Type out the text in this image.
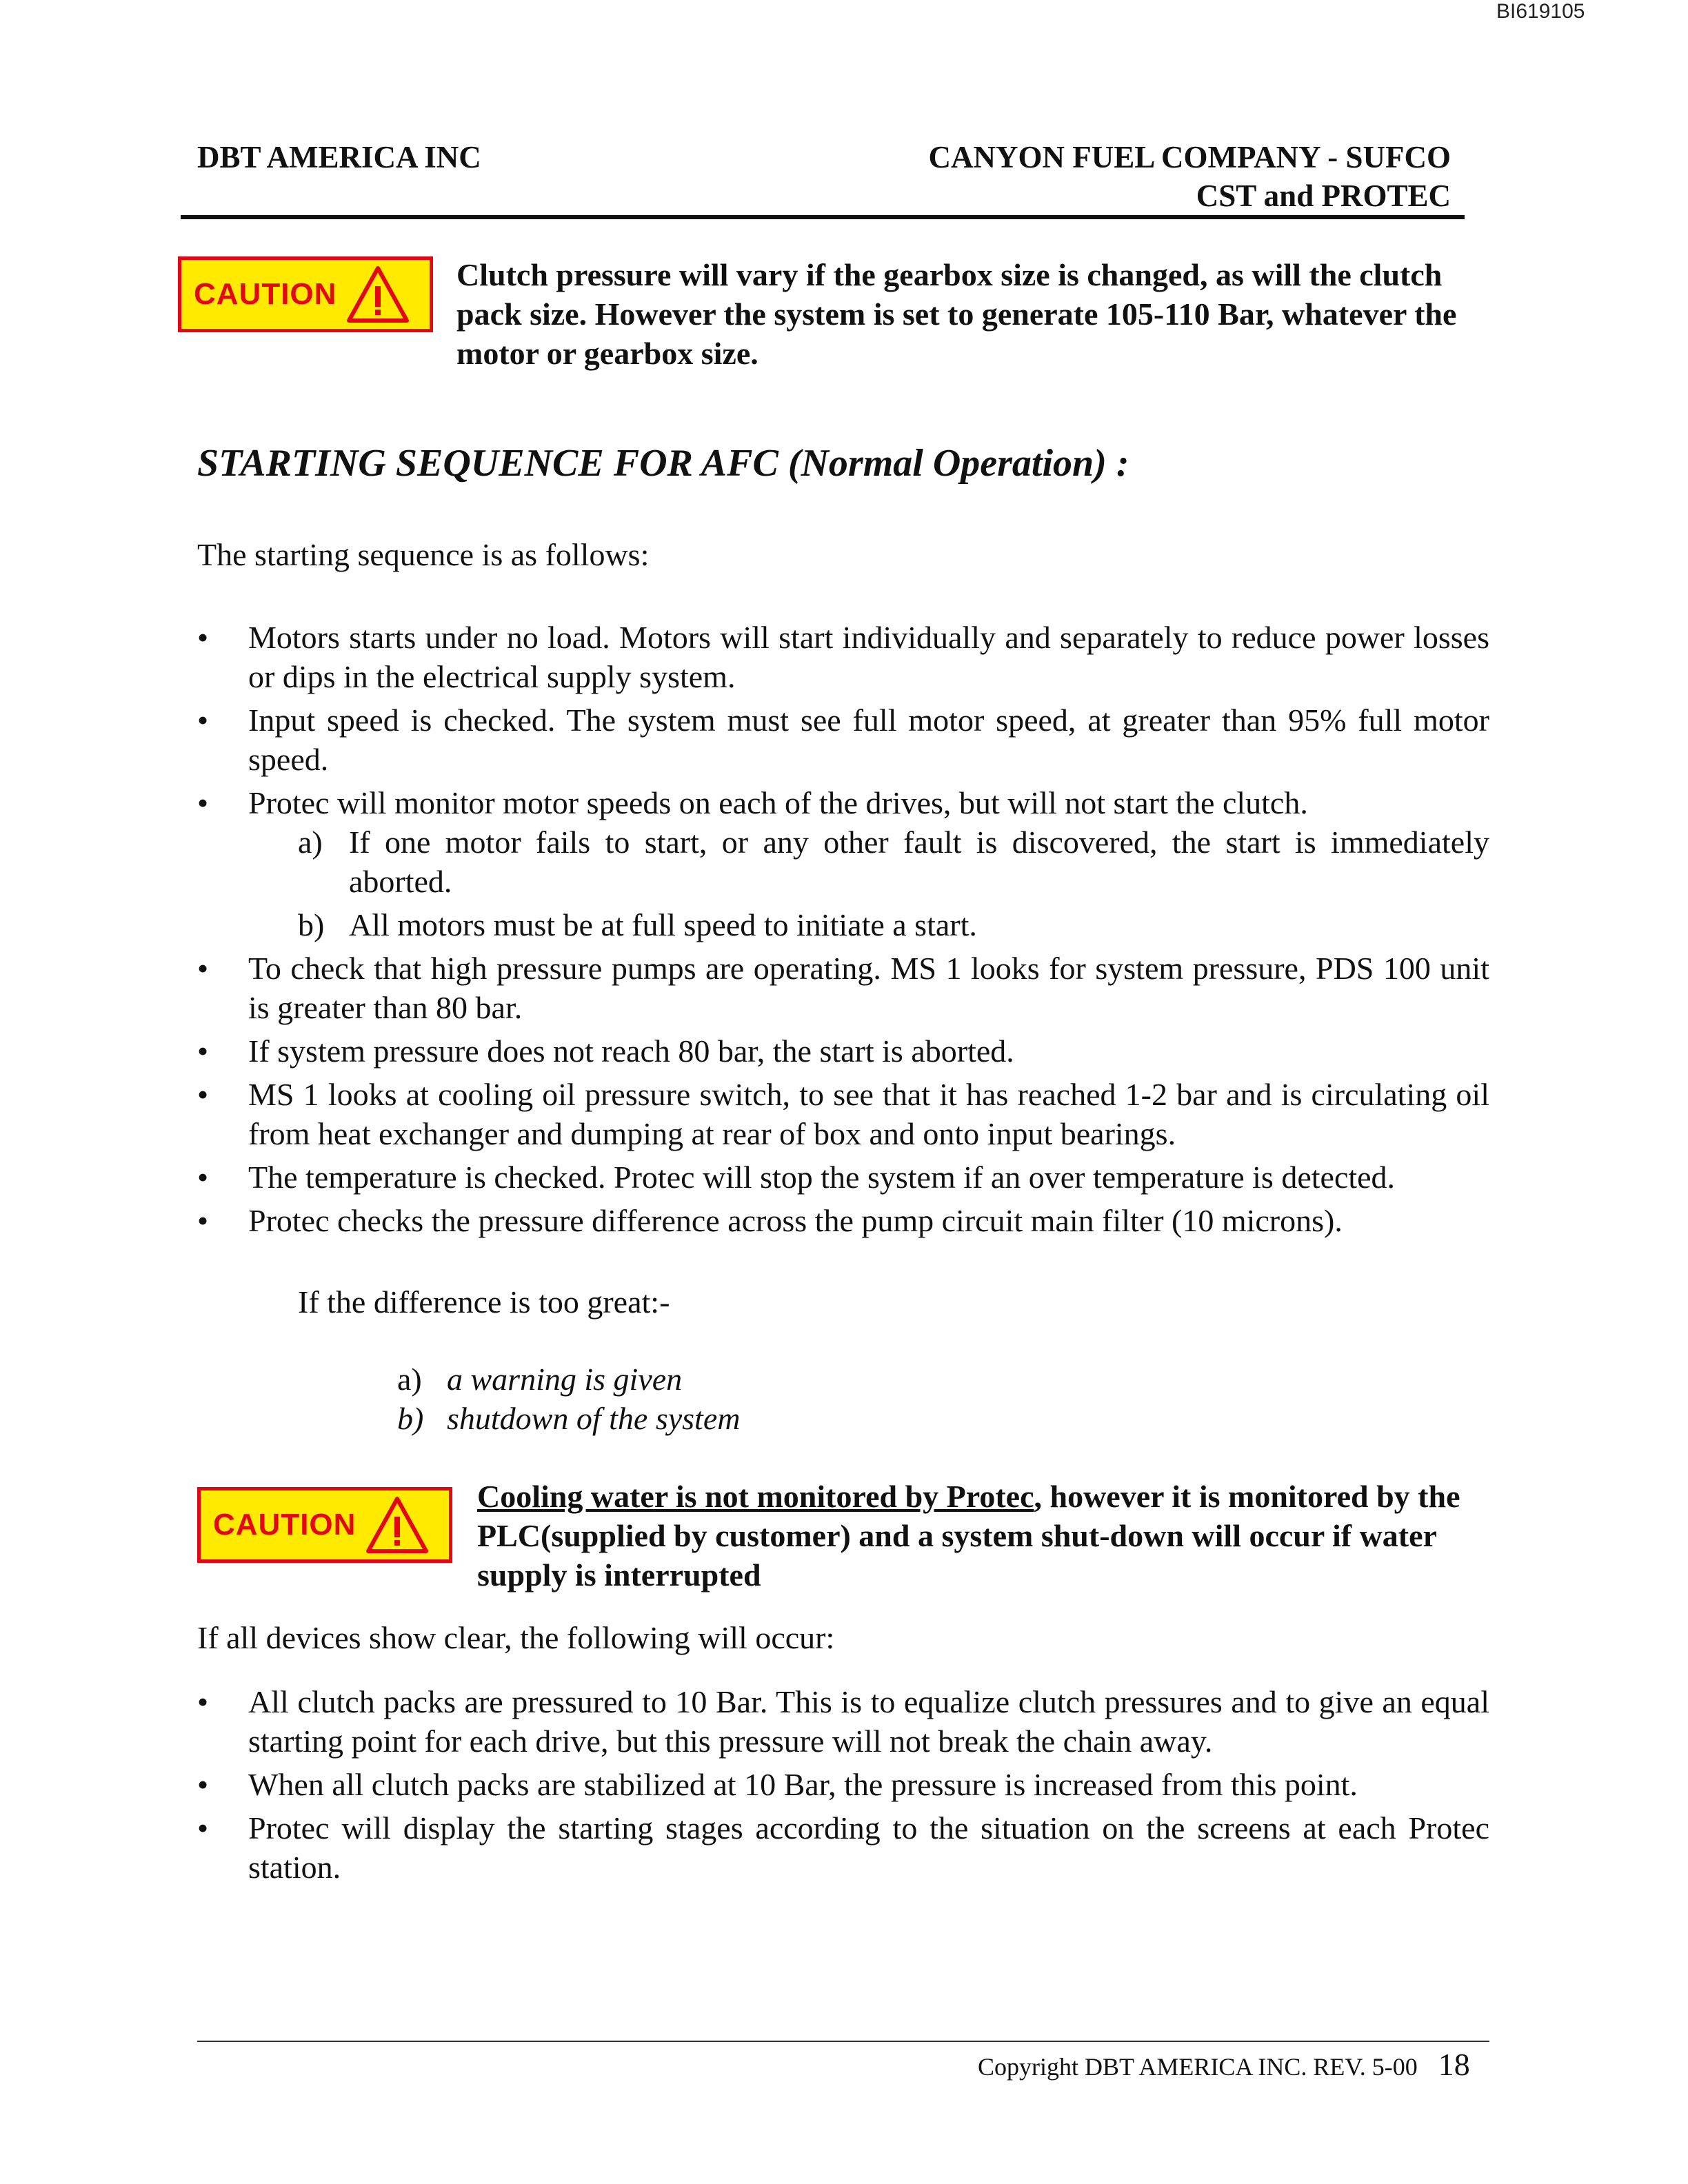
BI619105
DBT AMERICA INC	CANYON FUEL COMPANY - SUFCO
CST and PROTEC
CAUTION
Clutch pressure will vary if the gearbox size is changed, as will the clutch pack size. However the system is set to generate 105-110 Bar, whatever the motor or gearbox size.
STARTING SEQUENCE FOR AFC (Normal Operation) :
The starting sequence is as follows:
•	Motors starts under no load. Motors will start individually and separately to reduce power losses or dips in the electrical supply system.
•	Input speed is checked. The system must see full motor speed, at greater than 95% full motor speed.
•	Protec will monitor motor speeds on each of the drives, but will not start the clutch.
a) If one motor fails to start, or any other fault is discovered, the start is immediately aborted.
b) All motors must be at full speed to initiate a start.
•	To check that high pressure pumps are operating. MS 1 looks for system pressure, PDS 100 unit is greater than 80 bar.
•	If system pressure does not reach 80 bar, the start is aborted.
•	MS 1 looks at cooling oil pressure switch, to see that it has reached 1-2 bar and is circulating oil from heat exchanger and dumping at rear of box and onto input bearings.
•	The temperature is checked. Protec will stop the system if an over temperature is detected.
•	Protec checks the pressure difference across the pump circuit main filter (10 microns).
If the difference is too great:-
a) a warning is given
b) shutdown of the system
CAUTION
Cooling water is not monitored by Protec, however it is monitored by the PLC(supplied by customer) and a system shut-down will occur if water supply is interrupted
If all devices show clear, the following will occur:
•	All clutch packs are pressured to 10 Bar. This is to equalize clutch pressures and to give an equal starting point for each drive, but this pressure will not break the chain away.
•	When all clutch packs are stabilized at 10 Bar, the pressure is increased from this point.
•	Protec will display the starting stages according to the situation on the screens at each Protec station.
Copyright DBT AMERICA INC. REV. 5-00 18
